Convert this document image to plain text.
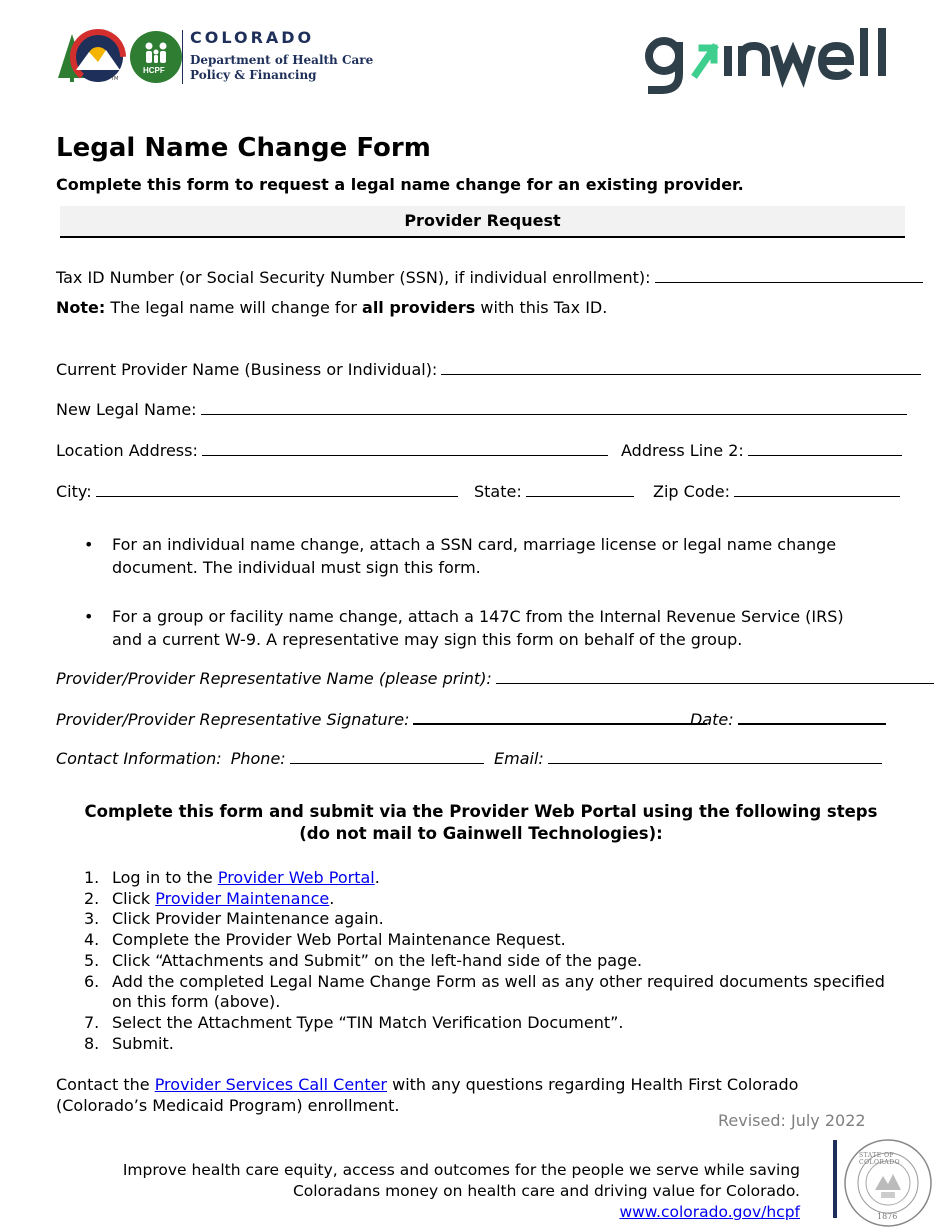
HCPF
TM
COLORADO
Department of Health Care
Policy & Financing
Legal Name Change Form
Complete this form to request a legal name change for an existing provider.
Provider Request
Tax ID Number (or Social Security Number (SSN), if individual enrollment):
Note: The legal name will change for all providers with this Tax ID.
Current Provider Name (Business or Individual):
New Legal Name:
Location Address:	Address Line 2:
City:	State:	Zip Code:
• For an individual name change, attach a SSN card, marriage license or legal name change document. The individual must sign this form.
• For a group or facility name change, attach a 147C from the Internal Revenue Service (IRS) and a current W-9. A representative may sign this form on behalf of the group.
Provider/Provider Representative Name (please print):
Provider/Provider Representative Signature:	Date:
Contact Information: Phone:	Email:
Complete this form and submit via the Provider Web Portal using the following steps
(do not mail to Gainwell Technologies):
1. Log in to the Provider Web Portal.
2. Click Provider Maintenance.
3. Click Provider Maintenance again.
4. Complete the Provider Web Portal Maintenance Request.
5. Click “Attachments and Submit” on the left-hand side of the page.
6. Add the completed Legal Name Change Form as well as any other required documents specified on this form (above).
7. Select the Attachment Type “TIN Match Verification Document”.
8. Submit.
Contact the Provider Services Call Center with any questions regarding Health First Colorado (Colorado’s Medicaid Program) enrollment.
Revised: July 2022
Improve health care equity, access and outcomes for the people we serve while saving
Coloradans money on health care and driving value for Colorado.
www.colorado.gov/hcpf
STATE OF COLORADO
1876
